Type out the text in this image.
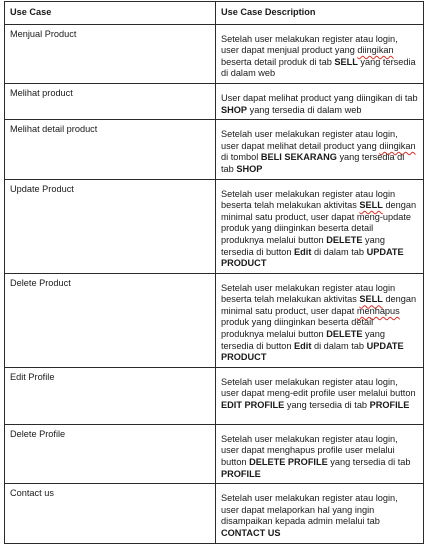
Use Case	Use Case Description
Menjual Product	Setelah user melakukan register atau login, user dapat menjual product yang diingikan beserta detail produk di tab SELL yang tersedia di dalam web
Melihat product	User dapat melihat product yang diingikan di tab SHOP yang tersedia di dalam web
Melihat detail product	Setelah user melakukan register atau login, user dapat melihat detail product yang diingikan di tombol BELI SEKARANG yang tersedia di tab SHOP
Update Product	Setelah user melakukan register atau login beserta telah melakukan aktivitas SELL dengan minimal satu product, user dapat meng-update produk yang diinginkan beserta detail produknya melalui button DELETE yang tersedia di button Edit di dalam tab UPDATE PRODUCT
Delete Product	Setelah user melakukan register atau login beserta telah melakukan aktivitas SELL dengan minimal satu product, user dapat menhapus produk yang diinginkan beserta detail produknya melalui button DELETE yang tersedia di button Edit di dalam tab UPDATE PRODUCT
Edit Profile	Setelah user melakukan register atau login, user dapat meng-edit profile user melalui button EDIT PROFILE yang tersedia di tab PROFILE
Delete Profile	Setelah user melakukan register atau login, user dapat menghapus profile user melalui button DELETE PROFILE yang tersedia di tab PROFILE
Contact us	Setelah user melakukan register atau login, user dapat melaporkan hal yang ingin disampaikan kepada admin melalui tab CONTACT US
